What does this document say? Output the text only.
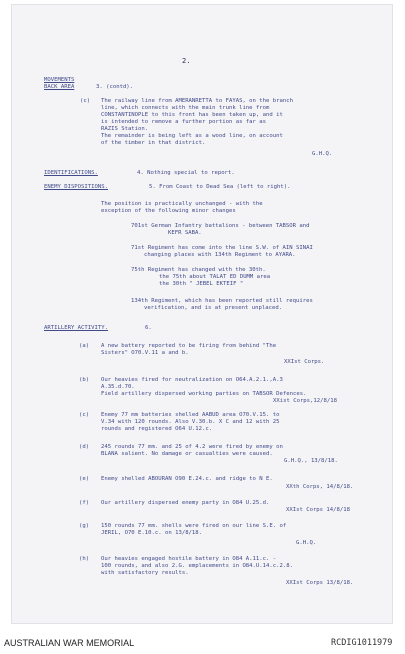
2.
MOVEMENTS
BACK AREA	3. (contd).
(c) The railway line from AMERANRETTA to FAYAS, on the branch
line, which connects with the main trunk line from
CONSTANTINOPLE to this front has been taken up, and it
is intended to remove a further portion as far as
RAZIS Station.
The remainder is being left as a wood line, on account
of the timber in that district.
G.H.Q.
IDENTIFICATIONS.	4. Nothing special to report.
ENEMY DISPOSITIONS.	5. From Coast to Dead Sea (left to right).
The position is practically unchanged - with the
exception of the following minor changes
701st German Infantry battalions - between TABSOR and
KEFR SABA.
71st Regiment has come into the line S.W. of AIN SINAI
changing places with 134th Regiment to AYARA.
75th Regiment has changed with the 30th.
the 75th about TALAT ED DUMM area
the 30th " JEBEL EKTEIF "
134th Regiment, which has been reported still requires
verification, and is at present unplaced.
ARTILLERY ACTIVITY.	6.
(a) A new battery reported to be firing from behind "The
Sisters" O70.V.11 a and b.
XXIst Corps.
(b) Our heavies fired for neutralization on O64.A.2.1.,A.3
A.35.d.70.
Field artillery dispersed working parties on TABSOR Defences.
XXist Corps,12/8/18
(c) Enemy 77 mm batteries shelled AABUD area O70.V.15. to
V.34 with 120 rounds. Also V.30.b. X C and 12 with 25
rounds and registered O64 U.12.c.
(d) 245 rounds 77 mm. and 25 of 4.2 were fired by enemy on
BLANA salient. No damage or casualties were caused.
G.H.Q., 13/8/18.
(e) Enemy shelled ABOURAN O90 E.24.c. and ridge to N E.
XXth Corps, 14/8/18.
(f) Our artillery dispersed enemy party in O84 U.25.d.
XXIst Corps 14/8/18
(g) 150 rounds 77 mm. shells were fired on our line S.E. of
JERIL, O70 E.10.c. on 13/8/18.
G.H.Q.
(h) Our heavies engaged hostile battery in O84 A.11.c. -
100 rounds, and also 2.G. emplacements in O84.U.14.c.2.8.
with satisfactory results.
XXIst Corps 13/8/18.
AUSTRALIAN WAR MEMORIAL	RCDIG1011979
